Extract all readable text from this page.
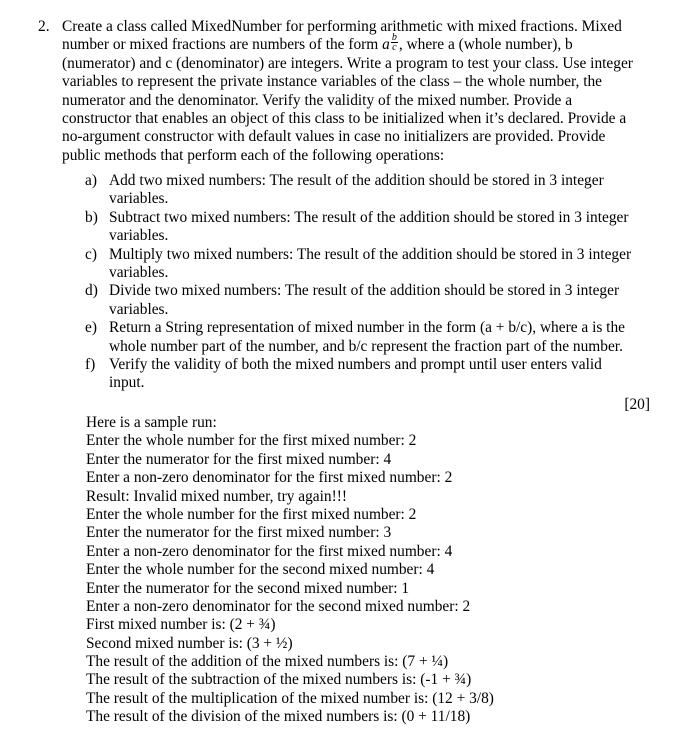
2. Create a class called MixedNumber for performing arithmetic with mixed fractions. Mixed
number or mixed fractions are numbers of the form a $\frac{b}{c}$ , where a (whole number), b
(numerator) and c (denominator) are integers. Write a program to test your class. Use integer
variables to represent the private instance variables of the class – the whole number, the
numerator and the denominator. Verify the validity of the mixed number. Provide a
constructor that enables an object of this class to be initialized when it’s declared. Provide a
no-argument constructor with default values in case no initializers are provided. Provide
public methods that perform each of the following operations:
a) Add two mixed numbers: The result of the addition should be stored in 3 integer
variables.
b) Subtract two mixed numbers: The result of the addition should be stored in 3 integer
variables.
c) Multiply two mixed numbers: The result of the addition should be stored in 3 integer
variables.
d) Divide two mixed numbers: The result of the addition should be stored in 3 integer
variables.
e) Return a String representation of mixed number in the form (a + b/c), where a is the
whole number part of the number, and b/c represent the fraction part of the number.
f) Verify the validity of both the mixed numbers and prompt until user enters valid
input.
[20]
Here is a sample run:
Enter the whole number for the first mixed number: 2
Enter the numerator for the first mixed number: 4
Enter a non-zero denominator for the first mixed number: 2
Result: Invalid mixed number, try again!!!
Enter the whole number for the first mixed number: 2
Enter the numerator for the first mixed number: 3
Enter a non-zero denominator for the first mixed number: 4
Enter the whole number for the second mixed number: 4
Enter the numerator for the second mixed number: 1
Enter a non-zero denominator for the second mixed number: 2
First mixed number is: (2 + ¾)
Second mixed number is: (3 + ½)
The result of the addition of the mixed numbers is: (7 + ¼)
The result of the subtraction of the mixed numbers is: (-1 + ¾)
The result of the multiplication of the mixed number is: (12 + 3/8)
The result of the division of the mixed numbers is: (0 + 11/18)
